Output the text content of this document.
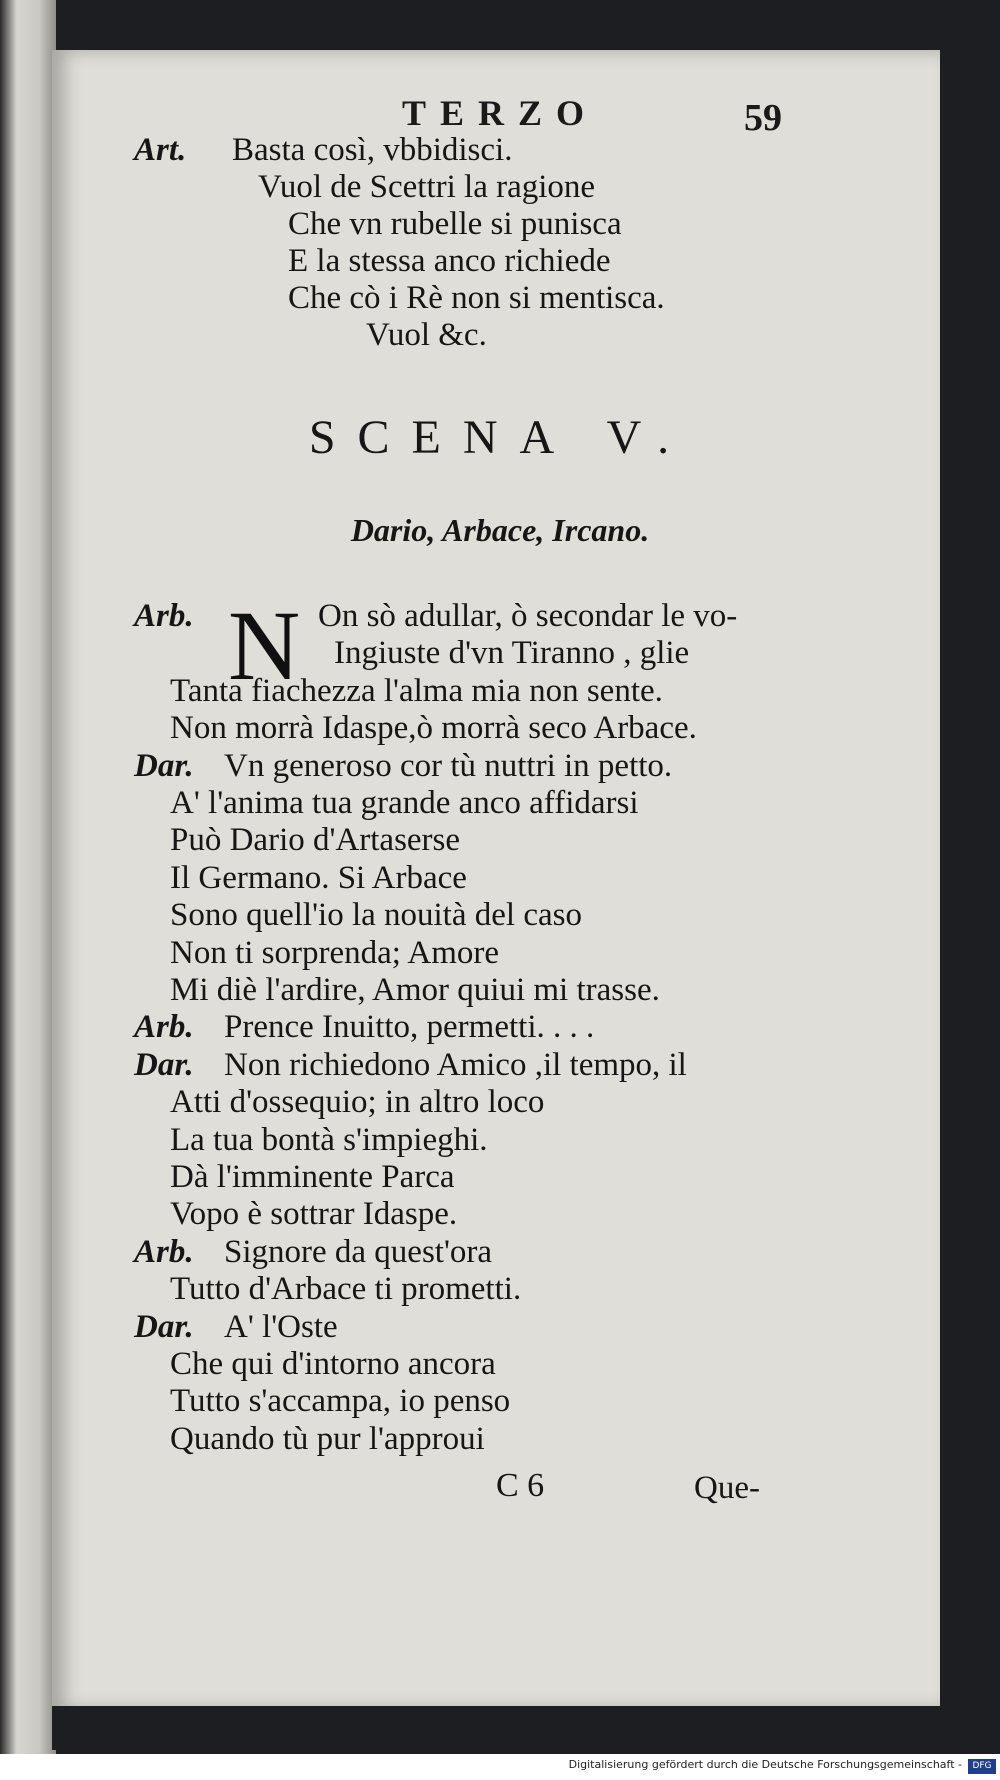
TERZO	59
Art. Basta così, vbbidisci.
Vuol de Scettri la ragione
Che vn rubelle si punisca
E la stessa anco richiede
Che cò i Rè non si mentisca.
Vuol &c.
SCENA V.
Dario, Arbace, Ircano.
N
Arb.	On sò adullar, ò secondar le vo-
Ingiuste d'vn Tiranno , glie
Tanta fiachezza l'alma mia non sente.
Non morrà Idaspe,ò morrà seco Arbace.
Dar. Vn generoso cor tù nuttri in petto.
A' l'anima tua grande anco affidarsi
Può Dario d'Artaserse
Il Germano. Si Arbace
Sono quell'io la nouità del caso
Non ti sorprenda; Amore
Mi diè l'ardire, Amor quiui mi trasse.
Arb. Prence Inuitto, permetti. . . .
Dar. Non richiedono Amico ,il tempo, il
Atti d'ossequio; in altro loco
La tua bontà s'impieghi.
Dà l'imminente Parca
Vopo è sottrar Idaspe.
Arb. Signore da quest'ora
Tutto d'Arbace ti prometti.
Dar. A' l'Oste
Che qui d'intorno ancora
Tutto s'accampa, io penso
Quando tù pur l'approui
C 6	Que-
Digitalisierung gefördert durch die Deutsche Forschungsgemeinschaft -	DFG
